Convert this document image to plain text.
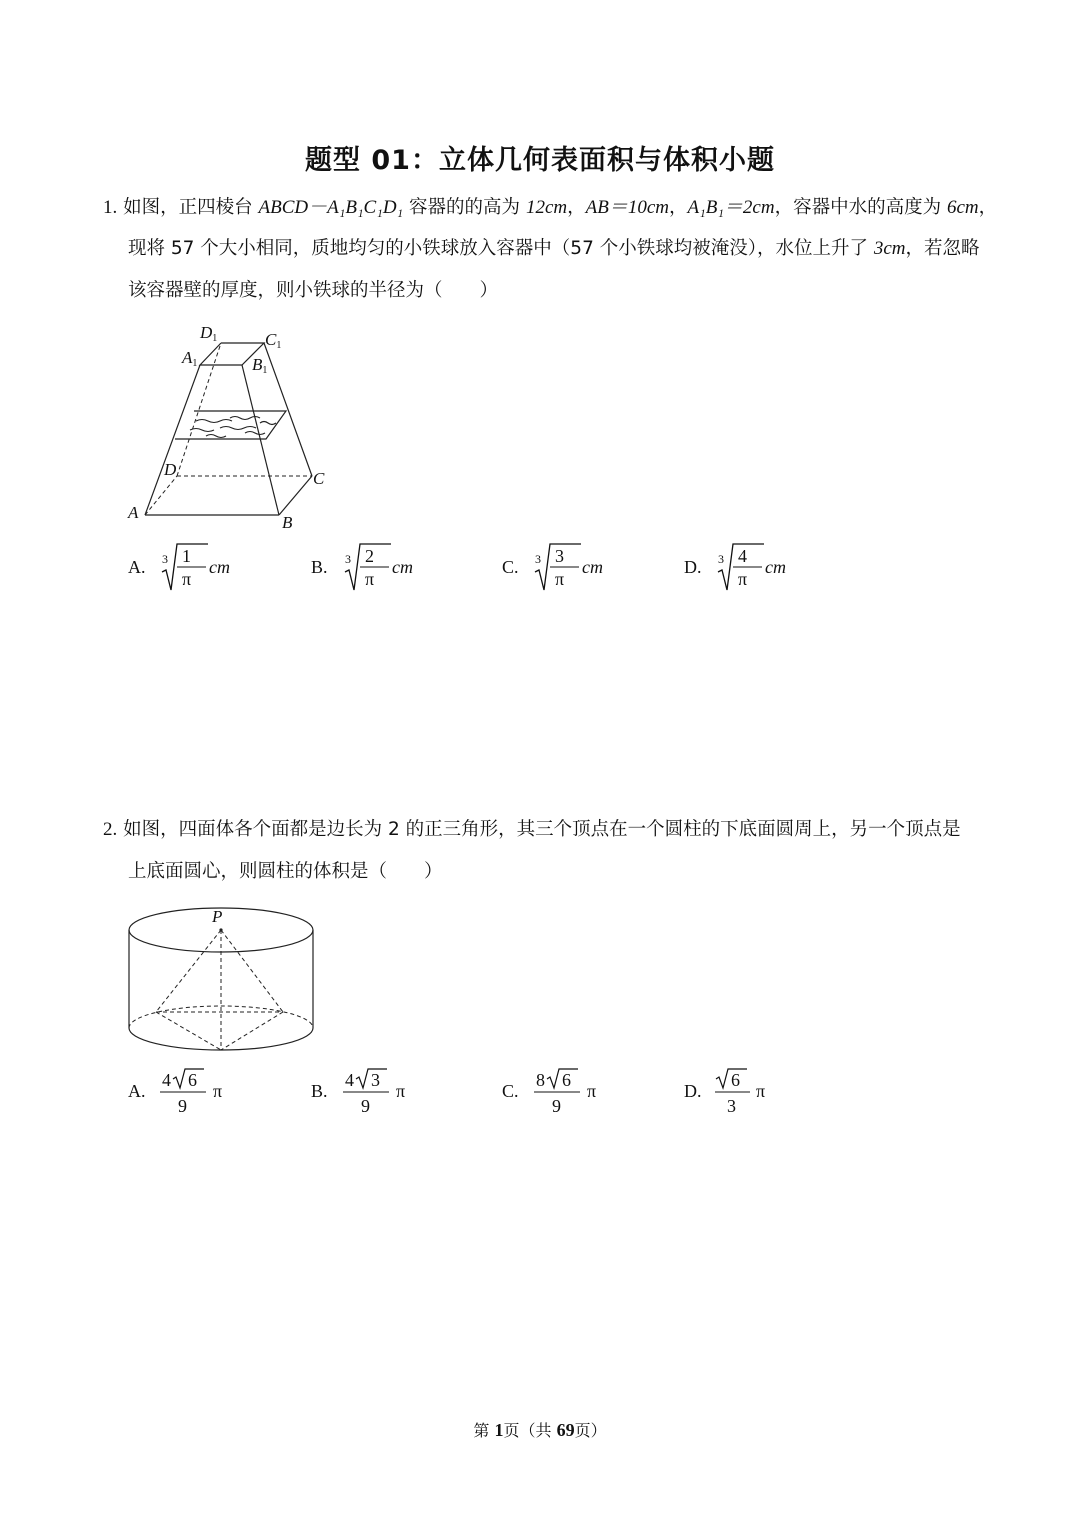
题型 01：立体几何表面积与体积小题
1. 如图，正四棱台 ABCD－A₁B₁C₁D₁ 容器的的高为 12cm，AB＝10cm，A₁B₁＝2cm，容器中水的高度为 6cm，
现将 57 个大小相同，质地均匀的小铁球放入容器中（57 个小铁球均被淹没），水位上升了 3cm，若忽略
该容器壁的厚度，则小铁球的半径为（　　）
D1	C1
A1	B1
D	C
A
B
A. 3 1
π
cm	B. 3 2
π
cm	C. 3 3
π
cm	D. 3 4
π
cm
2. 如图，四面体各个面都是边长为 2 的正三角形，其三个顶点在一个圆柱的下底面圆周上，另一个顶点是
上底面圆心，则圆柱的体积是（　　）
P
A.
4 6
9
π	B.
4 3
9
π	C.
8 6
9
π	D.
6
3
π
第 1页（共 69页）
